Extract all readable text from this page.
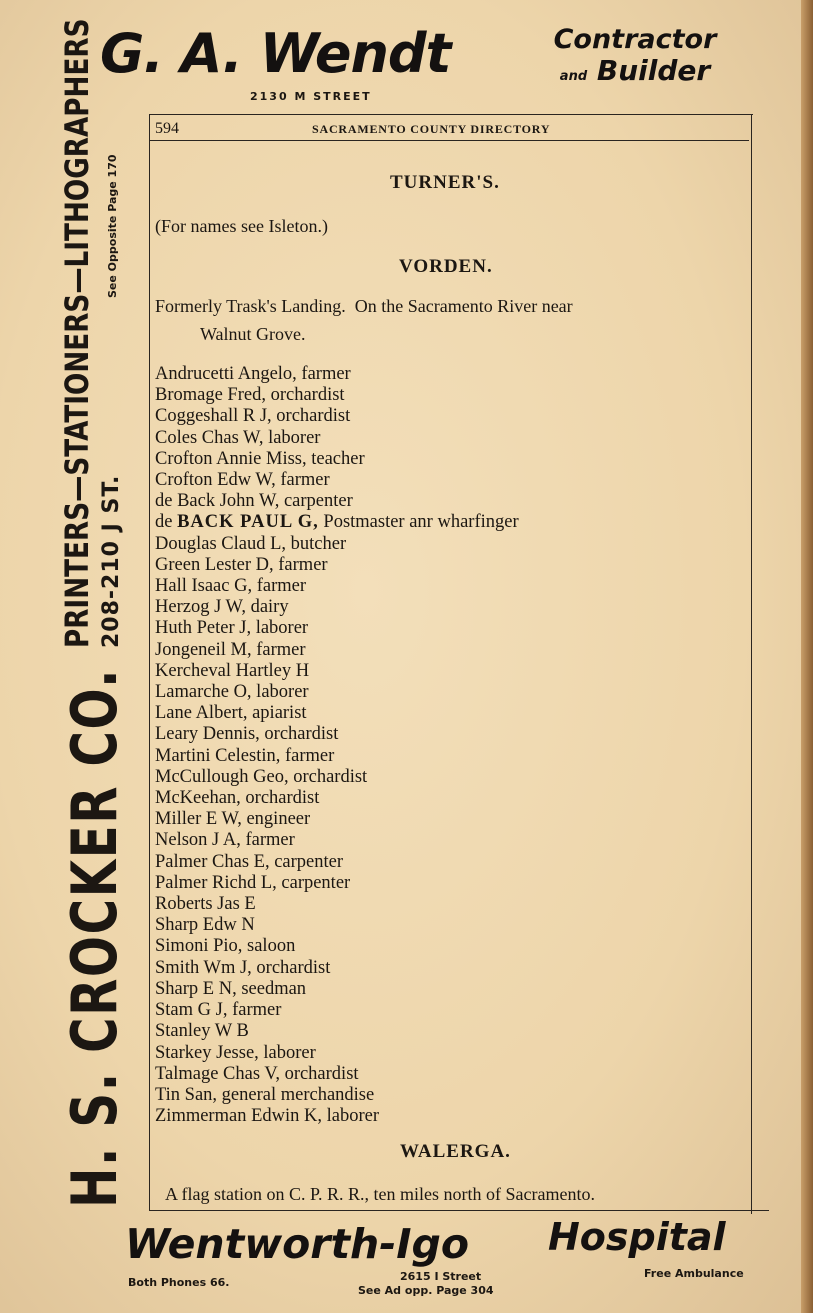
G. A. Wendt	Contractor
and Builder
2130 M STREET
H. S. CROCKER CO.
PRINTERS—STATIONERS—LITHOGRAPHERS 208-210 J ST.
See Opposite Page 170
594	SACRAMENTO COUNTY DIRECTORY
TURNER'S.
(For names see Isleton.)
VORDEN.
Formerly Trask's Landing.  On the Sacramento River near
Walnut Grove.
Andrucetti Angelo, farmer
Bromage Fred, orchardist
Coggeshall R J, orchardist
Coles Chas W, laborer
Crofton Annie Miss, teacher
Crofton Edw W, farmer
de Back John W, carpenter
de BACK PAUL G, Postmaster anr wharfinger
Douglas Claud L, butcher
Green Lester D, farmer
Hall Isaac G, farmer
Herzog J W, dairy
Huth Peter J, laborer
Jongeneil M, farmer
Kercheval Hartley H
Lamarche O, laborer
Lane Albert, apiarist
Leary Dennis, orchardist
Martini Celestin, farmer
McCullough Geo, orchardist
McKeehan, orchardist
Miller E W, engineer
Nelson J A, farmer
Palmer Chas E, carpenter
Palmer Richd L, carpenter
Roberts Jas E
Sharp Edw N
Simoni Pio, saloon
Smith Wm J, orchardist
Sharp E N, seedman
Stam G J, farmer
Stanley W B
Starkey Jesse, laborer
Talmage Chas V, orchardist
Tin San, general merchandise
Zimmerman Edwin K, laborer
WALERGA.
A flag station on C. P. R. R., ten miles north of Sacramento.
Wentworth-Igo Hospital
Both Phones 66.	2615 I Street
See Ad opp. Page 304
Free Ambulance
